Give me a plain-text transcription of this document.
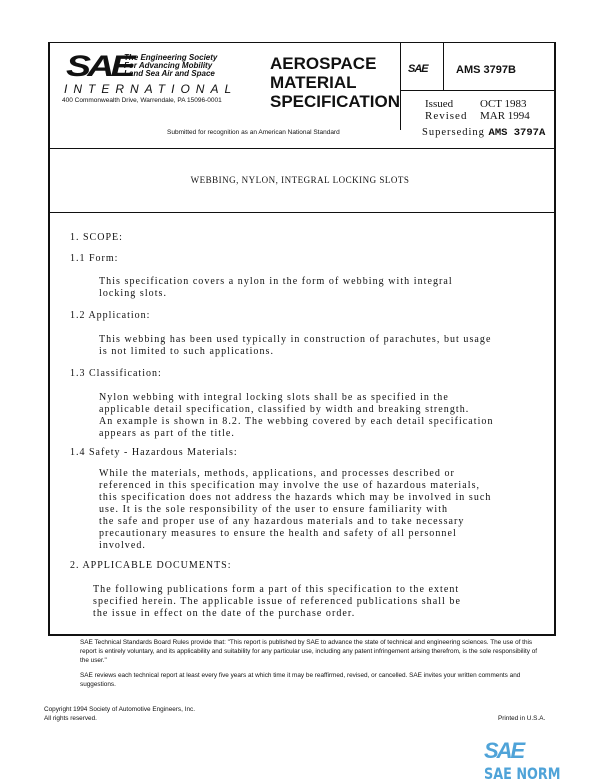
SAE
The Engineering Society
For Advancing Mobility
Land Sea Air and Space
INTERNATIONAL
400 Commonwealth Drive, Warrendale, PA 15096-0001
AEROSPACE
MATERIAL
SPECIFICATION
SAE	AMS 3797B
Issued OCT 1983
Revised MAR 1994
Submitted for recognition as an American National Standard	Superseding AMS 3797A
WEBBING, NYLON, INTEGRAL LOCKING SLOTS
1. SCOPE:
1.1 Form:
This specification covers a nylon in the form of webbing with integral
locking slots.
1.2 Application:
This webbing has been used typically in construction of parachutes, but usage
is not limited to such applications.
1.3 Classification:
Nylon webbing with integral locking slots shall be as specified in the
applicable detail specification, classified by width and breaking strength.
An example is shown in 8.2. The webbing covered by each detail specification
appears as part of the title.
1.4 Safety - Hazardous Materials:
While the materials, methods, applications, and processes described or
referenced in this specification may involve the use of hazardous materials,
this specification does not address the hazards which may be involved in such
use. It is the sole responsibility of the user to ensure familiarity with
the safe and proper use of any hazardous materials and to take necessary
precautionary measures to ensure the health and safety of all personnel
involved.
2. APPLICABLE DOCUMENTS:
The following publications form a part of this specification to the extent
specified herein. The applicable issue of referenced publications shall be
the issue in effect on the date of the purchase order.
SAE Technical Standards Board Rules provide that: "This report is published by SAE to advance the state of technical and engineering sciences. The use of this report is entirely voluntary, and its applicability and suitability for any particular use, including any patent infringement arising therefrom, is the sole responsibility of the user."
SAE reviews each technical report at least every five years at which time it may be reaffirmed, revised, or cancelled. SAE invites your written comments and suggestions.
Copyright 1994 Society of Automotive Engineers, Inc.
All rights reserved.	Printed in U.S.A.
SAE SAE NORM
